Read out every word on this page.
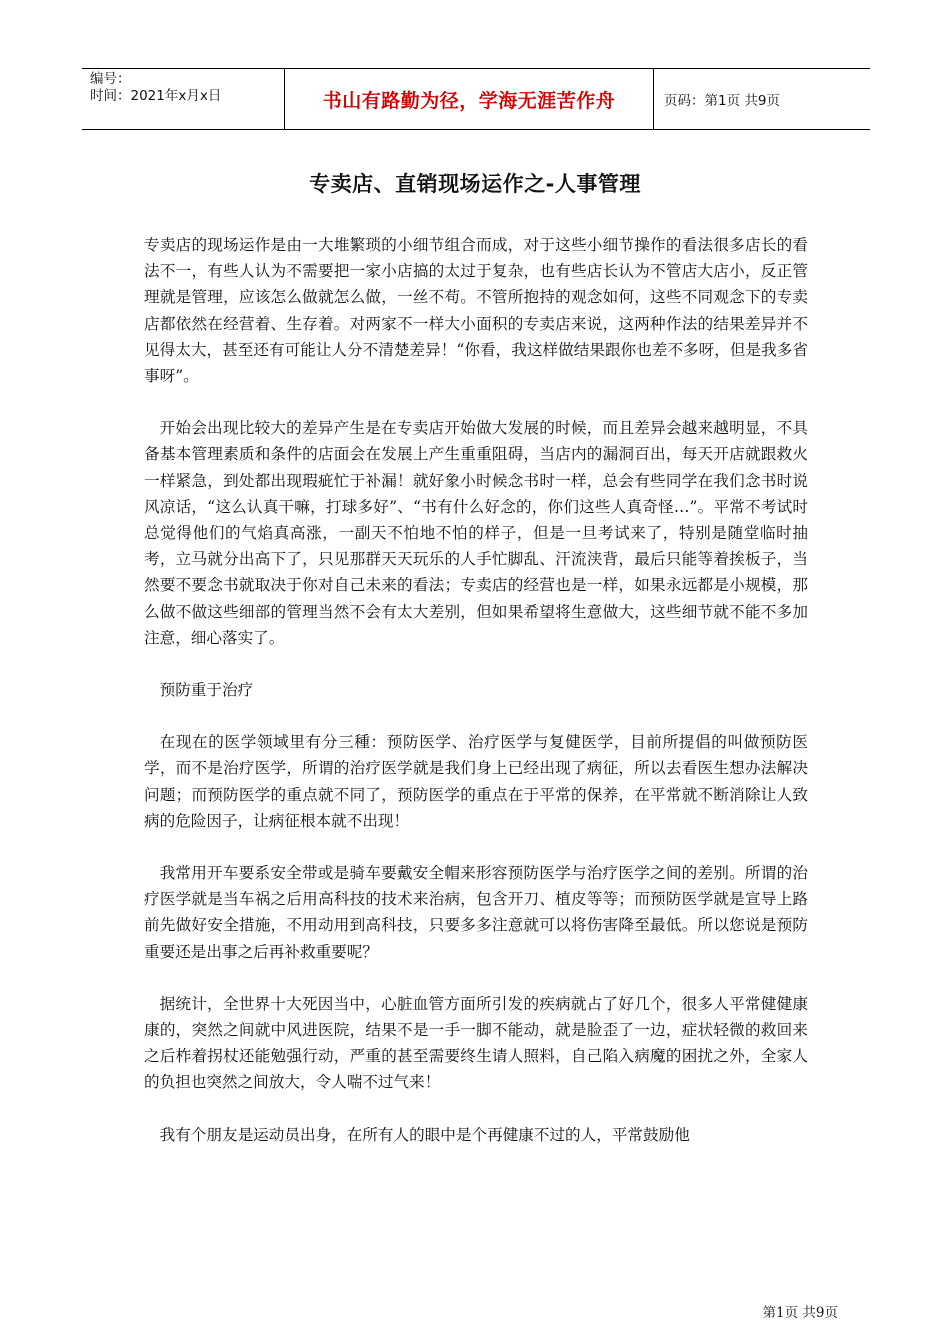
编号：
时间：2021年x月x日	书山有路勤为径，学海无涯苦作舟	页码：第1页 共9页
专卖店、直销现场运作之-人事管理

专卖店的现场运作是由一大堆繁琐的小细节组合而成，对于这些小细节操作的看法很多店长的看法不一，有些人认为不需要把一家小店搞的太过于复杂，也有些店长认为不管店大店小，反正管理就是管理，应该怎么做就怎么做，一丝不苟。不管所抱持的观念如何，这些不同观念下的专卖店都依然在经营着、生存着。对两家不一样大小面积的专卖店来说，这两种作法的结果差异并不见得太大，甚至还有可能让人分不清楚差异！“你看，我这样做结果跟你也差不多呀，但是我多省事呀”。

开始会出现比较大的差异产生是在专卖店开始做大发展的时候，而且差异会越来越明显，不具备基本管理素质和条件的店面会在发展上产生重重阻碍，当店内的漏洞百出，每天开店就跟救火一样紧急，到处都出现瑕疵忙于补漏！就好象小时候念书时一样，总会有些同学在我们念书时说风凉话，“这么认真干嘛，打球多好”、“书有什么好念的，你们这些人真奇怪…”。平常不考试时总觉得他们的气焰真高涨，一副天不怕地不怕的样子，但是一旦考试来了，特别是随堂临时抽考，立马就分出高下了，只见那群天天玩乐的人手忙脚乱、汗流浃背，最后只能等着挨板子，当然要不要念书就取决于你对自己未来的看法；专卖店的经营也是一样，如果永远都是小规模，那么做不做这些细部的管理当然不会有太大差别，但如果希望将生意做大，这些细节就不能不多加注意，细心落实了。

预防重于治疗

在现在的医学领域里有分三種：预防医学、治疗医学与复健医学，目前所提倡的叫做预防医学，而不是治疗医学，所谓的治疗医学就是我们身上已经出现了病征，所以去看医生想办法解决问题；而预防医学的重点就不同了，预防医学的重点在于平常的保养，在平常就不断消除让人致病的危险因子，让病征根本就不出现！

我常用开车要系安全带或是骑车要戴安全帽来形容预防医学与治疗医学之间的差别。所谓的治疗医学就是当车祸之后用高科技的技术来治病，包含开刀、植皮等等；而预防医学就是宣导上路前先做好安全措施，不用动用到高科技，只要多多注意就可以将伤害降至最低。所以您说是预防重要还是出事之后再补救重要呢？

据统计，全世界十大死因当中，心脏血管方面所引发的疾病就占了好几个，很多人平常健健康康的，突然之间就中风进医院，结果不是一手一脚不能动，就是脸歪了一边，症状轻微的救回来之后柞着拐杖还能勉强行动，严重的甚至需要终生请人照料，自己陷入病魔的困扰之外，全家人的负担也突然之间放大，令人喘不过气来！

我有个朋友是运动员出身，在所有人的眼中是个再健康不过的人，平常鼓励他

第1页 共9页
